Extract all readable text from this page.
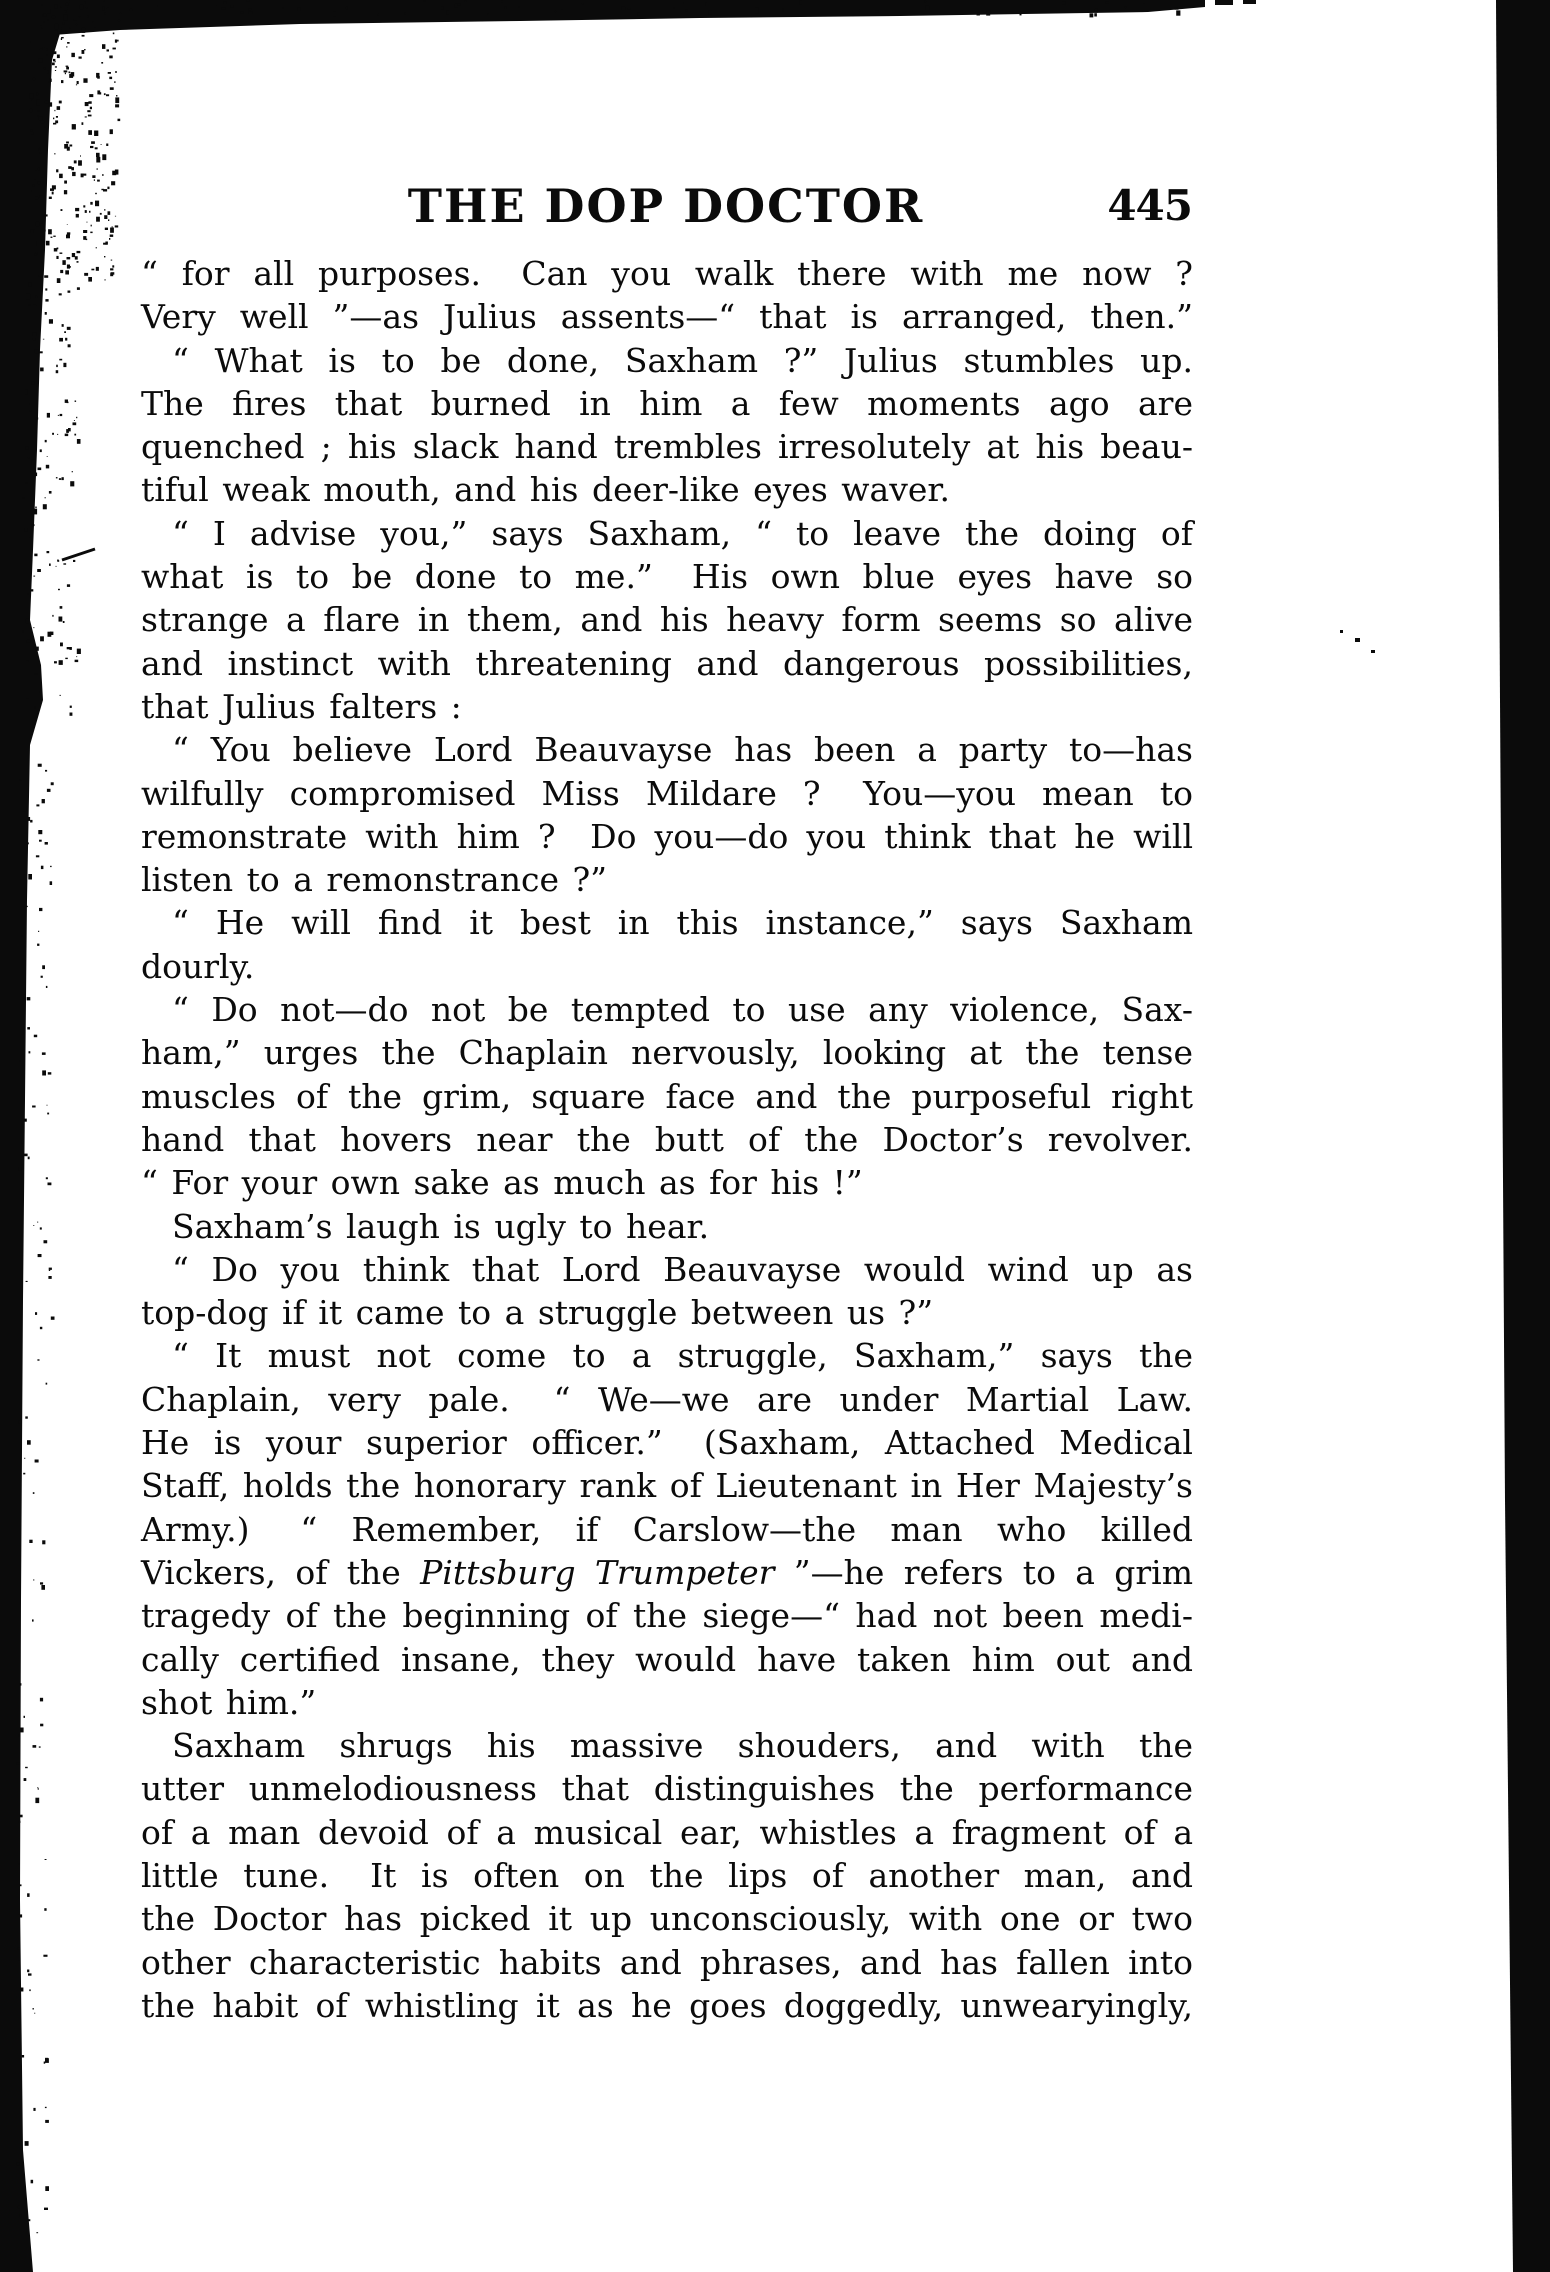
THE DOP DOCTOR	445
“ for all purposes.  Can you walk there with me now ?
Very well ”—as Julius assents—“ that is arranged, then.”
“ What is to be done, Saxham ?” Julius stumbles up.
The fires that burned in him a few moments ago are
quenched ; his slack hand trembles irresolutely at his beau-
tiful weak mouth, and his deer-like eyes waver.
“ I advise you,” says Saxham, “ to leave the doing of
what is to be done to me.”  His own blue eyes have so
strange a flare in them, and his heavy form seems so alive
and instinct with threatening and dangerous possibilities,
that Julius falters :
“ You believe Lord Beauvayse has been a party to—has
wilfully compromised Miss Mildare ?  You—you mean to
remonstrate with him ?  Do you—do you think that he will
listen to a remonstrance ?”
“ He will find it best in this instance,” says Saxham
dourly.
“ Do not—do not be tempted to use any violence, Sax-
ham,” urges the Chaplain nervously, looking at the tense
muscles of the grim, square face and the purposeful right
hand that hovers near the butt of the Doctor’s revolver.
“ For your own sake as much as for his !”
Saxham’s laugh is ugly to hear.
“ Do you think that Lord Beauvayse would wind up as
top-dog if it came to a struggle between us ?”
“ It must not come to a struggle, Saxham,” says the
Chaplain, very pale.  “ We—we are under Martial Law.
He is your superior officer.”  (Saxham, Attached Medical
Staff, holds the honorary rank of Lieutenant in Her Majesty’s
Army.)  “ Remember, if Carslow—the man who killed
Vickers, of the Pittsburg Trumpeter ”—he refers to a grim
tragedy of the beginning of the siege—“ had not been medi-
cally certified insane, they would have taken him out and
shot him.”
Saxham shrugs his massive shouders, and with the
utter unmelodiousness that distinguishes the performance
of a man devoid of a musical ear, whistles a fragment of a
little tune.  It is often on the lips of another man, and
the Doctor has picked it up unconsciously, with one or two
other characteristic habits and phrases, and has fallen into
the habit of whistling it as he goes doggedly, unwearyingly,
